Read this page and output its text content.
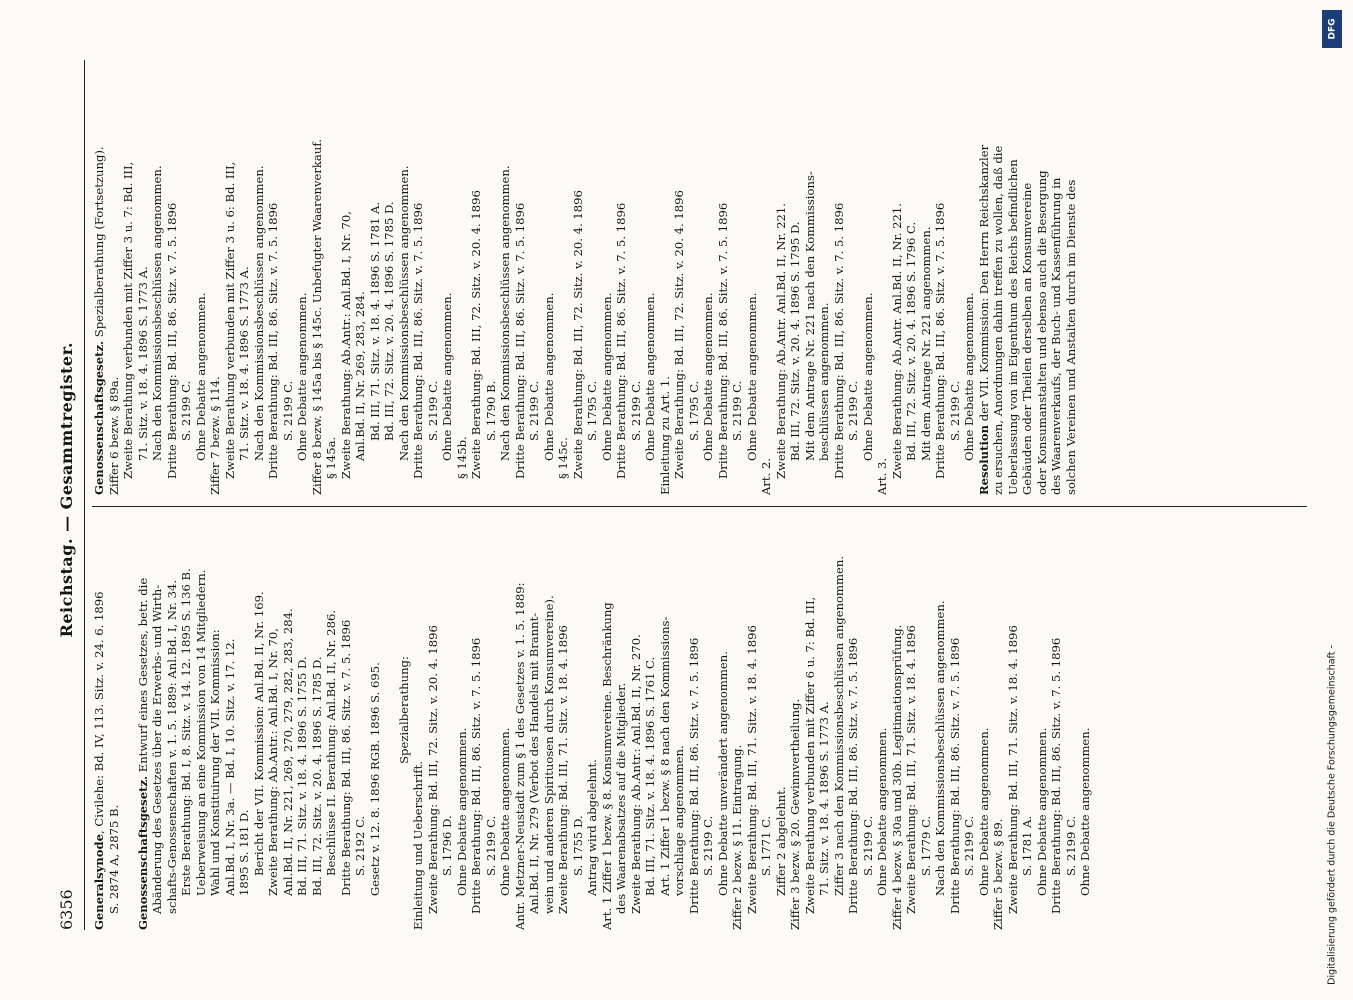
6356
Reichstag. — Gesammtregister.
Generalsynode, Civilehe: Bd. IV, 113. Sitz. v. 24. 6. 1896
S. 2874 A, 2875 B.
Genossenschaftsgesetz. Entwurf eines Gesetzes, betr. die Abänderung des Gesetzes über die Erwerbs- und Wirth- schafts-Genossenschaften v. 1. 5. 1889: Anl.Bd. I, Nr. 34. Erste Berathung: Bd. I, 8. Sitz. v. 14. 12. 1895 S. 136 B. Ueberweisung an eine Kommission von 14 Mitgliedern. Wahl und Konstituirung der VII. Kommission: Anl.Bd. I, Nr. 3a. — Bd. I, 10. Sitz. v. 17. 12. 1895 S. 181 D. Bericht der VII. Kommission: Anl.Bd. II, Nr. 169. Zweite Berathung: Ab.Antr.: Anl.Bd. I, Nr. 70, Anl.Bd. II, Nr. 221, 269, 270, 279, 282, 283, 284. Bd. III, 71. Sitz. v. 18. 4. 1896 S. 1755 D. Bd. III, 72. Sitz. v. 20. 4. 1896 S. 1785 D. Beschlüsse II. Berathung: Anl.Bd. II, Nr. 286. Dritte Berathung: Bd. III, 86. Sitz. v. 7. 5. 1896 S. 2192 C. Gesetz v. 12. 8. 1896 RGB. 1896 S. 695.
Spezialberathung:
Einleitung und Ueberschrift. Zweite Berathung: Bd. III, 72. Sitz. v. 20. 4. 1896 S. 1796 D. Ohne Debatte angenommen. Dritte Berathung: Bd. III, 86. Sitz. v. 7. 5. 1896 S. 2199 C. Ohne Debatte angenommen. Antr. Metzner-Neustadt zum § 1 des Gesetzes v. 1. 5. 1889: Anl.Bd. II, Nr. 279 (Verbot des Handels mit Brannt- wein und anderen Spirituosen durch Konsumvereine). Zweite Berathung: Bd. III, 71. Sitz. v. 18. 4. 1896 S. 1755 D. Antrag wird abgelehnt. Art. 1 Ziffer 1 bezw. § 8. Konsumvereine. Beschränkung des Waarenabsatzes auf die Mitglieder. Zweite Berathung: Ab.Antr.: Anl.Bd. II, Nr. 270. Bd. III, 71. Sitz. v. 18. 4. 1896 S. 1761 C. Art. 1 Ziffer 1 bezw. § 8 nach den Kommissions- vorschlage angenommen. Dritte Berathung: Bd. III, 86. Sitz. v. 7. 5. 1896 S. 2199 C. Ohne Debatte unverändert angenommen. Ziffer 2 bezw. § 11. Eintragung. Zweite Berathung: Bd. III, 71. Sitz. v. 18. 4. 1896 S. 1771 C. Ziffer 2 abgelehnt. Ziffer 3 bezw. § 20. Gewinnvertheilung. Zweite Berathung verbunden mit Ziffer 6 u. 7: Bd. III, 71. Sitz. v. 18. 4. 1896 S. 1773 A. Ziffer 3 nach den Kommissionsbeschlüssen angenommen. Dritte Berathung: Bd. III, 86. Sitz. v. 7. 5. 1896 S. 2199 C. Ohne Debatte angenommen. Ziffer 4 bezw. § 30a und 30b. Legitimationsprüfung. Zweite Berathung: Bd. III, 71. Sitz. v. 18. 4. 1896 S. 1779 C. Nach den Kommissionsbeschlüssen angenommen. Dritte Berathung: Bd. III, 86. Sitz. v. 7. 5. 1896 S. 2199 C. Ohne Debatte angenommen. Ziffer 5 bezw. § 89. Zweite Berathung: Bd. III, 71. Sitz. v. 18. 4. 1896 S. 1781 A. Ohne Debatte angenommen. Dritte Berathung: Bd. III, 86. Sitz. v. 7. 5. 1896 S. 2199 C. Ohne Debatte angenommen.
Genossenschaftsgesetz. Spezialberathung (Fortsetzung).
Ziffer 6 bezw. § 89a. Zweite Berathung verbunden mit Ziffer 3 u. 7: Bd. III, 71. Sitz. v. 18. 4. 1896 S. 1773 A. Nach den Kommissionsbeschlüssen angenommen. Dritte Berathung: Bd. III, 86. Sitz. v. 7. 5. 1896 S. 2199 C. Ohne Debatte angenommen. Ziffer 7 bezw. § 114. Zweite Berathung verbunden mit Ziffer 3 u. 6: Bd. III, 71. Sitz. v. 18. 4. 1896 S. 1773 A. Nach den Kommissionsbeschlüssen angenommen. Dritte Berathung: Bd. III, 86. Sitz. v. 7. 5. 1896 S. 2199 C. Ohne Debatte angenommen. Ziffer 8 bezw. § 145a bis § 145c. Unbefugter Waarenverkauf. § 145a. Zweite Berathung: Ab.Antr.: Anl.Bd. I, Nr. 70, Anl.Bd. II, Nr. 269, 283, 284. Bd. III, 71. Sitz. v. 18. 4. 1896 S. 1781 A. Bd. III, 72. Sitz. v. 20. 4. 1896 S. 1785 D. Nach den Kommissionsbeschlüssen angenommen. Dritte Berathung: Bd. III, 86. Sitz. v. 7. 5. 1896 S. 2199 C. Ohne Debatte angenommen. § 145b. Zweite Berathung: Bd. III, 72. Sitz. v. 20. 4. 1896 S. 1790 B. Nach den Kommissionsbeschlüssen angenommen. Dritte Berathung: Bd. III, 86. Sitz. v. 7. 5. 1896 S. 2199 C. Ohne Debatte angenommen. § 145c. Zweite Berathung: Bd. III, 72. Sitz. v. 20. 4. 1896 S. 1795 C. Ohne Debatte angenommen. Dritte Berathung: Bd. III, 86. Sitz. v. 7. 5. 1896 S. 2199 C. Ohne Debatte angenommen. Einleitung zu Art. 1. Zweite Berathung: Bd. III, 72. Sitz. v. 20. 4. 1896 S. 1795 C. Ohne Debatte angenommen. Dritte Berathung: Bd. III, 86. Sitz. v. 7. 5. 1896 S. 2199 C. Ohne Debatte angenommen.
Art. 2. Zweite Berathung: Ab.Antr. Anl.Bd. II, Nr. 221. Bd. III, 72. Sitz. v. 20. 4. 1896 S. 1795 D. Mit dem Antrage Nr. 221 nach den Kommissions- beschlüssen angenommen. Dritte Berathung: Bd. III, 86. Sitz. v. 7. 5. 1896 S. 2199 C. Ohne Debatte angenommen.
Art. 3. Zweite Berathung: Ab.Antr. Anl.Bd. II, Nr. 221. Bd. III, 72. Sitz. v. 20. 4. 1896 S. 1796 C. Mit dem Antrage Nr. 221 angenommen. Dritte Berathung: Bd. III, 86. Sitz. v. 7. 5. 1896 S. 2199 C. Ohne Debatte angenommen. Resolution der VII. Kommission: Den Herrn Reichskanzler zu ersuchen, Anordnungen dahin treffen zu wollen, daß die Ueberlassung von im Eigenthum des Reichs befindlichen Gebäuden oder Theilen derselben an Konsumvereine oder Konsumanstalten und ebenso auch die Besorgung des Waarenverkaufs, der Buch- und Kassenführung in solchen Vereinen und Anstalten durch im Dienste des
DFG
Digitalisierung gefördert durch die Deutsche Forschungsgemeinschaft -
